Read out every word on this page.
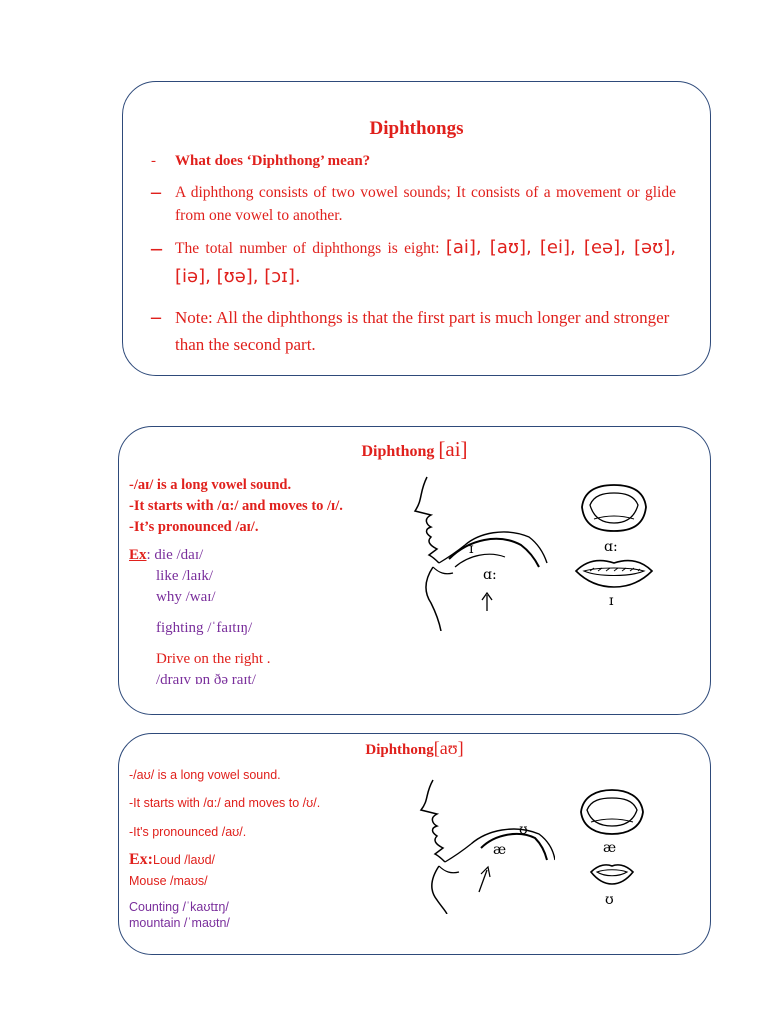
Diphthongs
- What does ‘Diphthong’ mean?
– A diphthong consists of two vowel sounds; It consists of a movement or glide from one vowel to another.
– The total number of diphthongs is eight: [ai], [aʊ], [ei], [eə], [əʊ], [iə], [ʊə], [ɔɪ].
– Note: All the diphthongs is that the first part is much longer and stronger than the second part.
Diphthong [ai]
-/aɪ/ is a long vowel sound.
-It starts with /ɑ:/ and moves to /ɪ/.
-It’s pronounced /aɪ/.
Ex: die /daɪ/
like /laɪk/
why /waɪ/
fighting /ˈfaɪtɪŋ/
Drive on the right .
/draɪv ɒn ðə raɪt/
ɪ
ɑ:
ɑ:
ɪ
Diphthong[aʊ]
-/aʊ/ is a long vowel sound.
-It starts with /ɑ:/ and moves to /ʊ/.
-It's pronounced /aʊ/.
Ex:Loud /laʊd/
Mouse /maʊs/
Counting /ˈkaʊtɪŋ/
mountain /ˈmaʊtn/
ʊ
æ	æ
ʊ
